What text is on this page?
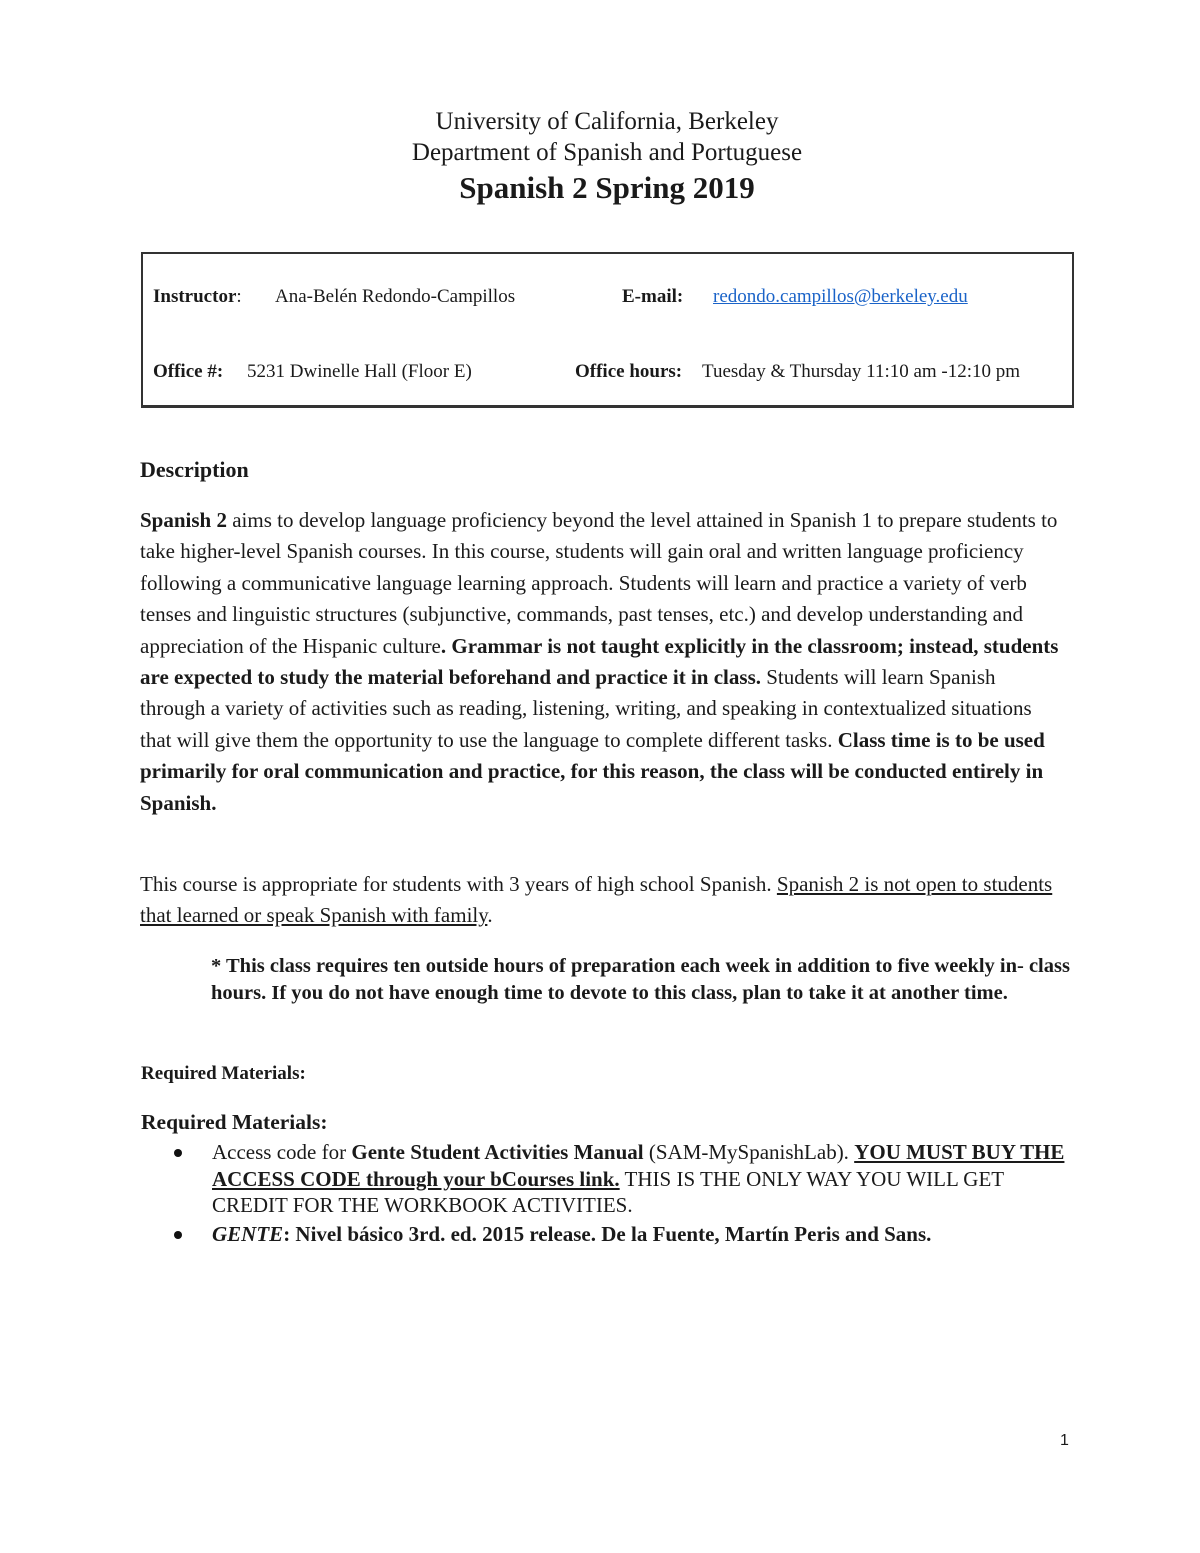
University of California, Berkeley

Department of Spanish and Portuguese

Spanish 2 Spring 2019

Instructor: Ana-Belén Redondo-Campillos	E-mail: redondo.campillos@berkeley.edu
Office #: 5231 Dwinelle Hall (Floor E)	Office hours: Tuesday & Thursday 11:10 am -12:10 pm

Description

Spanish 2 aims to develop language proficiency beyond the level attained in Spanish 1 to prepare students to take higher-level Spanish courses. In this course, students will gain oral and written language proficiency following a communicative language learning approach. Students will learn and practice a variety of verb tenses and linguistic structures (subjunctive, commands, past tenses, etc.) and develop understanding and appreciation of the Hispanic culture. Grammar is not taught explicitly in the classroom; instead, students are expected to study the material beforehand and practice it in class. Students will learn Spanish through a variety of activities such as reading, listening, writing, and speaking in contextualized situations that will give them the opportunity to use the language to complete different tasks. Class time is to be used primarily for oral communication and practice, for this reason, the class will be conducted entirely in Spanish.

This course is appropriate for students with 3 years of high school Spanish. Spanish 2 is not open to students that learned or speak Spanish with family.

* This class requires ten outside hours of preparation each week in addition to five weekly in- class hours. If you do not have enough time to devote to this class, plan to take it at another time.

Required Materials:

Required Materials:

Access code for Gente Student Activities Manual (SAM-MySpanishLab). YOU MUST BUY THE ACCESS CODE through your bCourses link. THIS IS THE ONLY WAY YOU WILL GET CREDIT FOR THE WORKBOOK ACTIVITIES.
GENTE: Nivel básico 3rd. ed. 2015 release. De la Fuente, Martín Peris and Sans.

1
